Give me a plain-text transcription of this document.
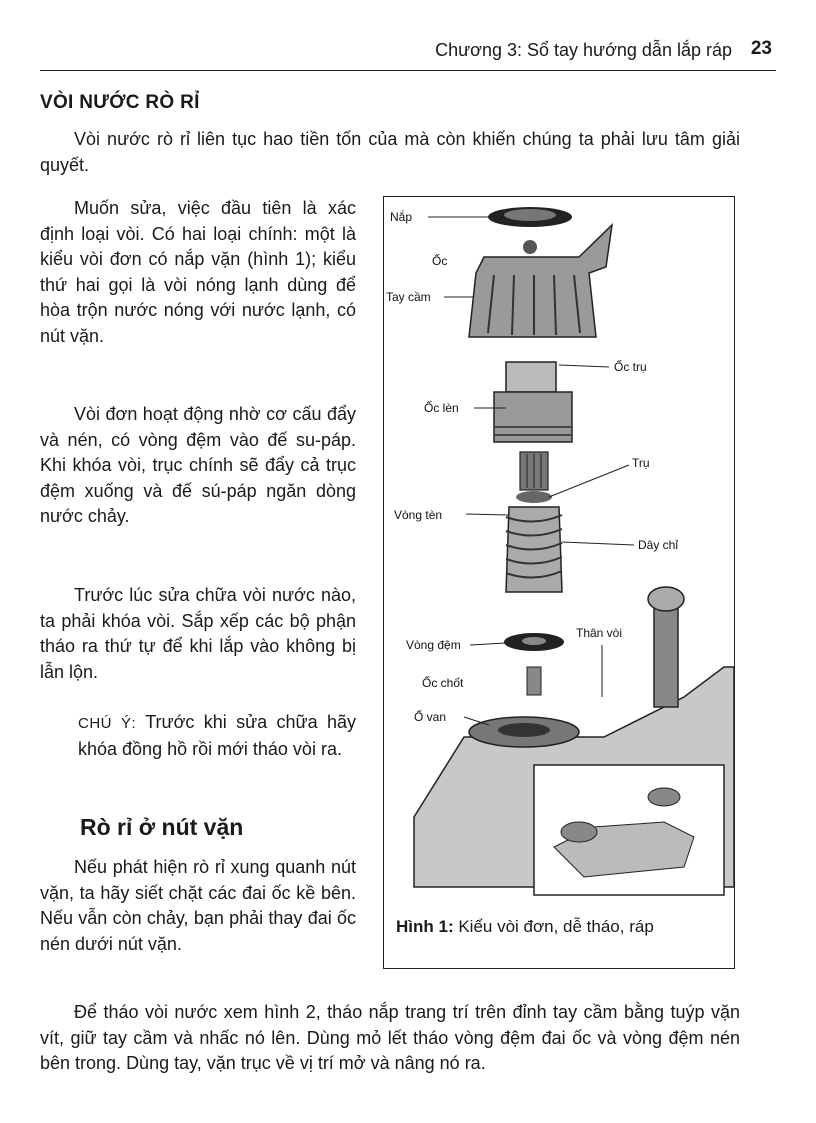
Chương 3: Sổ tay hướng dẫn lắp ráp 23
VÒI NƯỚC RÒ RỈ

Vòi nước rò rỉ liên tục hao tiền tốn của mà còn khiến chúng ta phải lưu tâm giải quyết.

Muốn sửa, việc đầu tiên là xác định loại vòi. Có hai loại chính: một là kiểu vòi đơn có nắp vặn (hình 1); kiểu thứ hai gọi là vòi nóng lạnh dùng để hòa trộn nước nóng với nước lạnh, có nút vặn.

Vòi đơn hoạt động nhờ cơ cấu đẩy và nén, có vòng đệm vào đế su-páp. Khi khóa vòi, trục chính sẽ đẩy cả trục đệm xuống và đế sú-páp ngăn dòng nước chảy.

Trước lúc sửa chữa vòi nước nào, ta phải khóa vòi. Sắp xếp các bộ phận tháo ra thứ tự để khi lắp vào không bị lẫn lộn.

CHÚ Ý: Trước khi sửa chữa hãy khóa đồng hồ rồi mới tháo vòi ra.

Rò rỉ ở nút vặn

Nếu phát hiện rò rỉ xung quanh nút vặn, ta hãy siết chặt các đai ốc kề bên. Nếu vẫn còn chảy, bạn phải thay đai ốc nén dưới nút vặn.

Để tháo vòi nước xem hình 2, tháo nắp trang trí trên đỉnh tay cầm bằng tuýp vặn vít, giữ tay cầm và nhấc nó lên. Dùng mỏ lết tháo vòng đệm đai ốc và vòng đệm nén bên trong. Dùng tay, vặn trục về vị trí mở và nâng nó ra.

Nắp
Ốc
Tay cầm
Ốc trụ
Ốc lèn
Trụ
Vòng tèn
Dây chỉ
Thân vòi
Vòng đệm
Ốc chốt
Ổ van
Hình 1: Kiểu vòi đơn, dễ tháo, ráp
